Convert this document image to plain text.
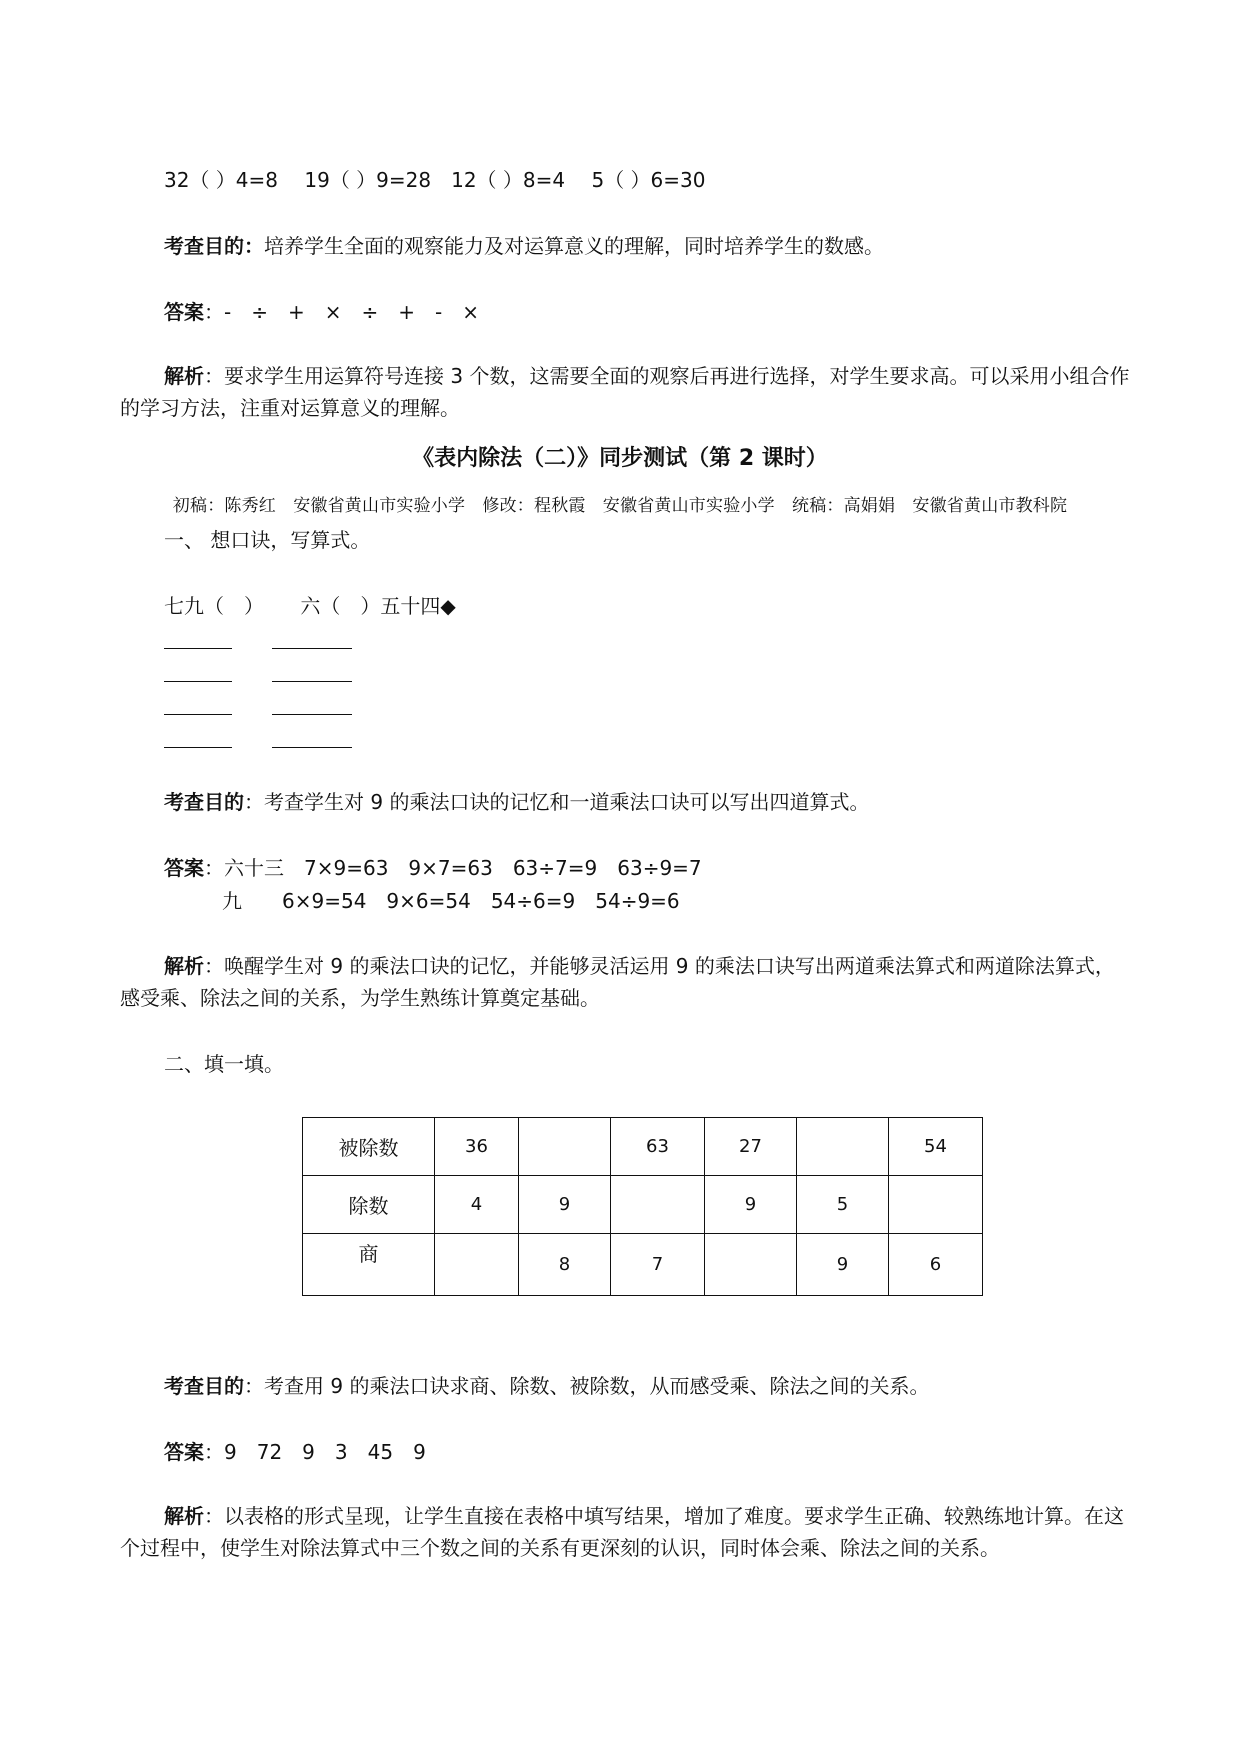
32（ ）4=8　 19（ ）9=28　12（ ）8=4　 5（ ）6=30
考查目的：培养学生全面的观察能力及对运算意义的理解，同时培养学生的数感。
答案：-　÷　+　×　÷　+　-　×
解析：要求学生用运算符号连接 3 个数，这需要全面的观察后再进行选择，对学生要求高。可以采用小组合作的学习方法，注重对运算意义的理解。
《表内除法（二）》同步测试（第 2 课时）
初稿：陈秀红　安徽省黄山市实验小学　修改：程秋霞　安徽省黄山市实验小学　统稿：高娟娟　安徽省黄山市教科院
一、 想口诀，写算式。
七九（　）　　 六（　）五十四◆
考查目的：考查学生对 9 的乘法口诀的记忆和一道乘法口诀可以写出四道算式。
答案：六十三　7×9=63　9×7=63　63÷7=9　63÷9=7
九　　6×9=54　9×6=54　54÷6=9　54÷9=6
解析：唤醒学生对 9 的乘法口诀的记忆，并能够灵活运用 9 的乘法口诀写出两道乘法算式和两道除法算式，感受乘、除法之间的关系，为学生熟练计算奠定基础。
二、填一填。
被除数	36		63	27		54
除数	4	9		9	5	
商		8	7		9	6
考查目的：考查用 9 的乘法口诀求商、除数、被除数，从而感受乘、除法之间的关系。
答案：9　72　9　3　45　9
解析：以表格的形式呈现，让学生直接在表格中填写结果，增加了难度。要求学生正确、较熟练地计算。在这个过程中，使学生对除法算式中三个数之间的关系有更深刻的认识，同时体会乘、除法之间的关系。
